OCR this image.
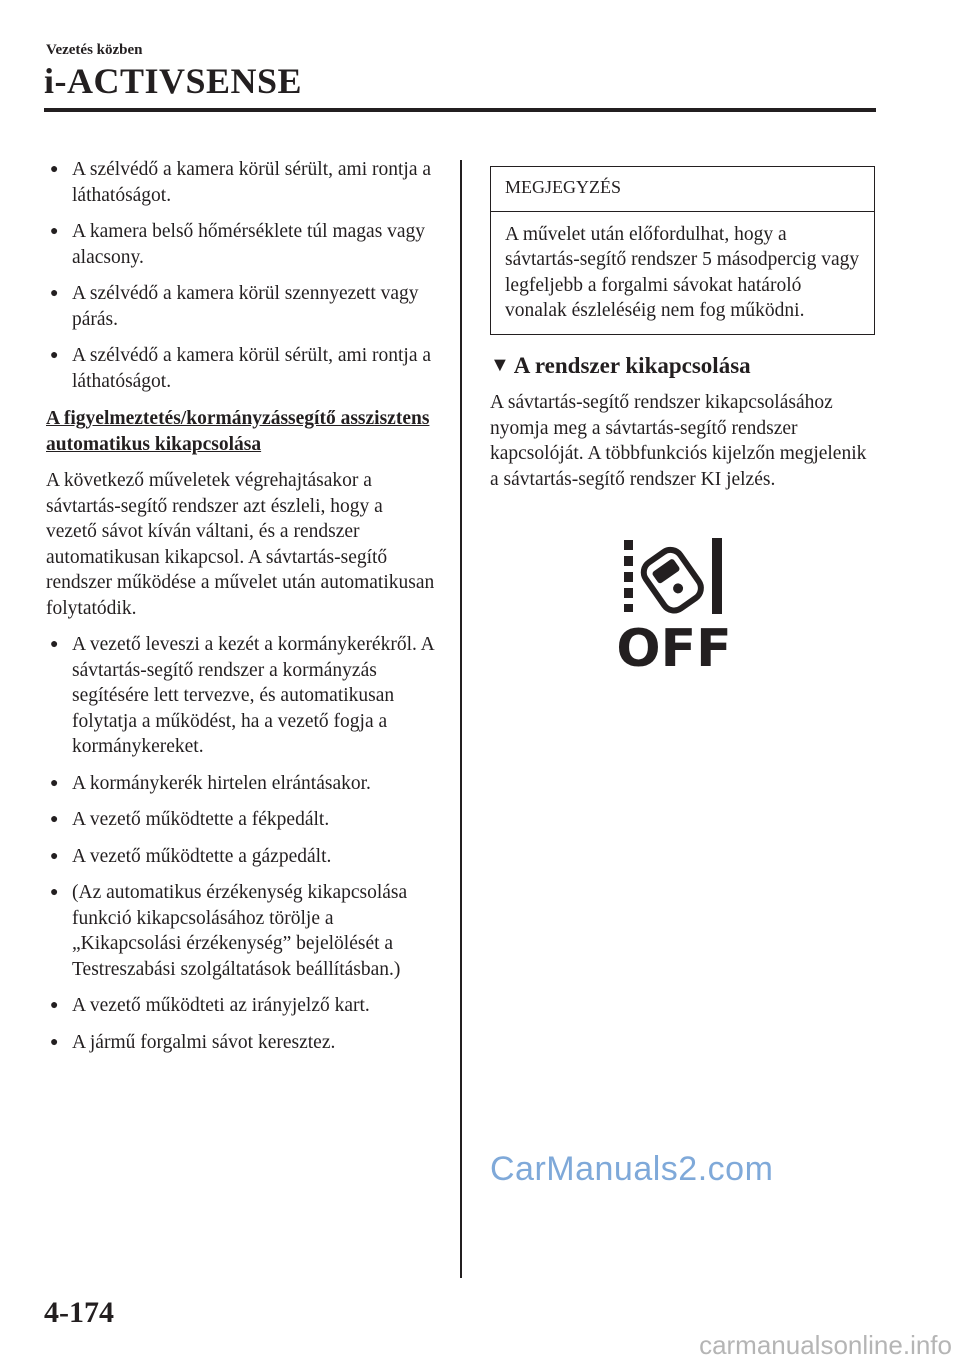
Vezetés közben
i-ACTIVSENSE
● A szélvédő a kamera körül sérült, ami rontja a láthatóságot.
● A kamera belső hőmérséklete túl magas vagy alacsony.
● A szélvédő a kamera körül szennyezett vagy párás.
● A szélvédő a kamera körül sérült, ami rontja a láthatóságot.
A figyelmeztetés/kormányzássegítő asszisztens automatikus kikapcsolása

A következő műveletek végrehajtásakor a sávtartás-segítő rendszer azt észleli, hogy a vezető sávot kíván váltani, és a rendszer automatikusan kikapcsol. A sávtartás-segítő rendszer működése a művelet után automatikusan folytatódik.

● A vezető leveszi a kezét a kormánykerékről. A sávtartás-segítő rendszer a kormányzás segítésére lett tervezve, és automatikusan folytatja a működést, ha a vezető fogja a kormánykereket.
● A kormánykerék hirtelen elrántásakor.
● A vezető működtette a fékpedált.
● A vezető működtette a gázpedált.
● (Az automatikus érzékenység kikapcsolása funkció kikapcsolásához törölje a „Kikapcsolási érzékenység” bejelölését a Testreszabási szolgáltatások beállításban.)
● A vezető működteti az irányjelző kart.
● A jármű forgalmi sávot keresztez.
MEGJEGYZÉS
A művelet után előfordulhat, hogy a sávtartás-segítő rendszer 5 másodpercig vagy legfeljebb a forgalmi sávokat határoló vonalak észleléséig nem fog működni.
▼ A rendszer kikapcsolása

A sávtartás-segítő rendszer kikapcsolásához nyomja meg a sávtartás-segítő rendszer kapcsolóját. A többfunkciós kijelzőn megjelenik a sávtartás-segítő rendszer KI jelzés.

OFF
4-174
CarManuals2.com
carmanualsonline.info
